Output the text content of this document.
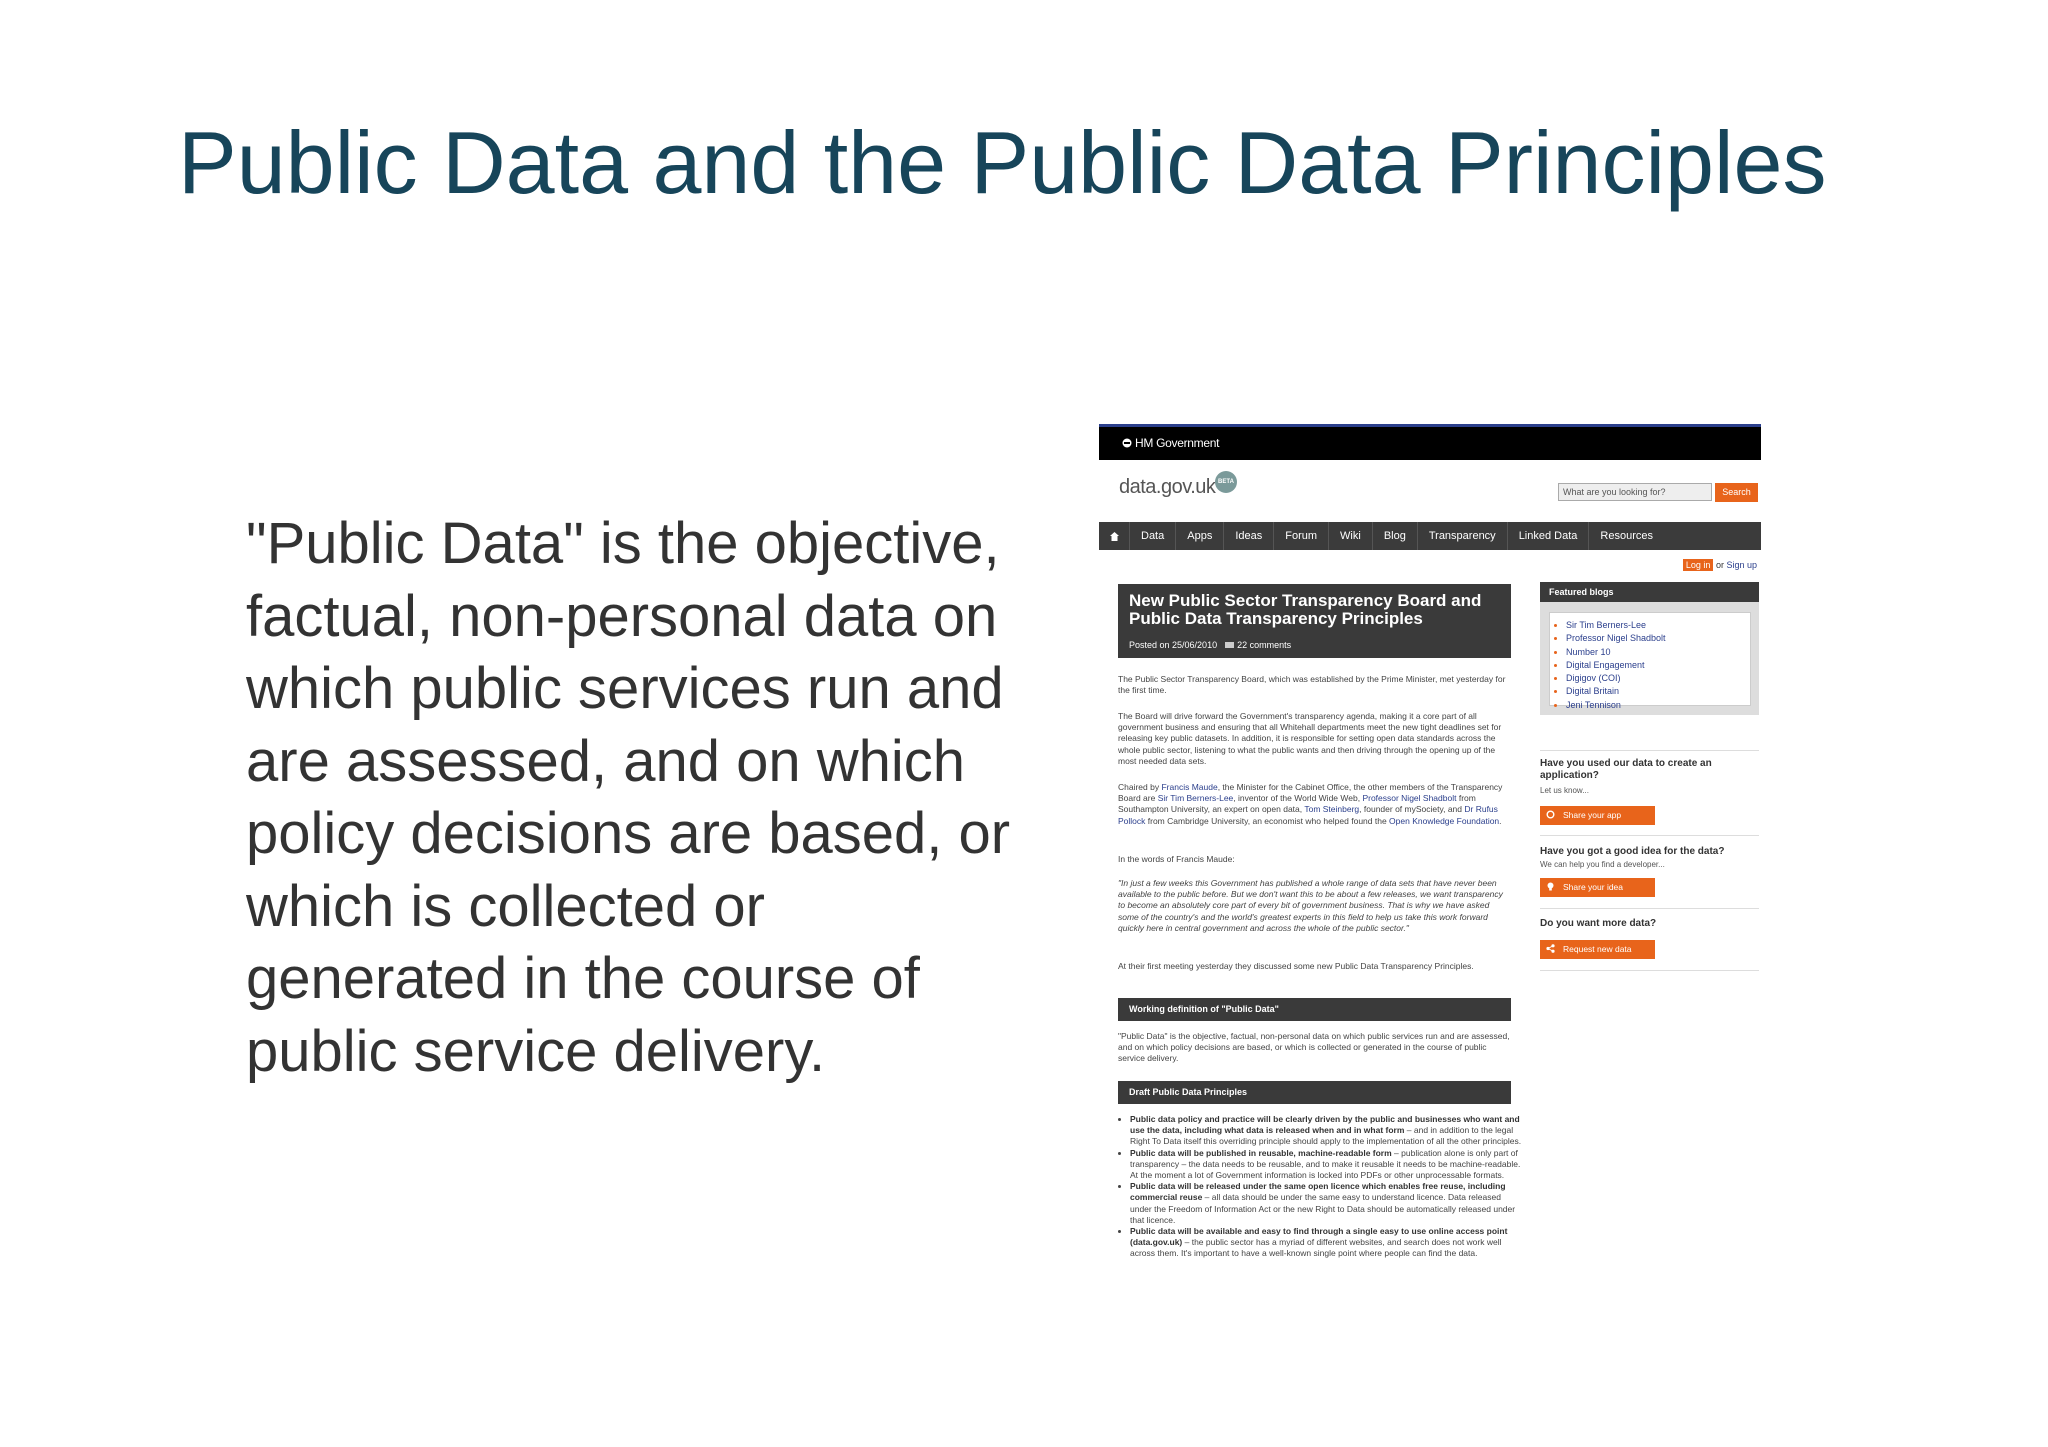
Public Data and the Public Data Principles
"Public Data" is the objective, factual, non-personal data on which public services run and are assessed, and on which policy decisions are based, or which is collected or generated in the course of public service delivery.
HM Government
data.gov.uk BETA
What are you looking for?	Search
Data	Apps	Ideas	Forum	Wiki	Blog	Transparency	Linked Data	Resources
Log in or Sign up
New Public Sector Transparency Board and Public Data Transparency Principles
Posted on 25/06/2010 22 comments
The Public Sector Transparency Board, which was established by the Prime Minister, met yesterday for the first time.
The Board will drive forward the Government's transparency agenda, making it a core part of all government business and ensuring that all Whitehall departments meet the new tight deadlines set for releasing key public datasets. In addition, it is responsible for setting open data standards across the whole public sector, listening to what the public wants and then driving through the opening up of the most needed data sets.
Chaired by Francis Maude, the Minister for the Cabinet Office, the other members of the Transparency Board are Sir Tim Berners-Lee, inventor of the World Wide Web, Professor Nigel Shadbolt from Southampton University, an expert on open data, Tom Steinberg, founder of mySociety, and Dr Rufus Pollock from Cambridge University, an economist who helped found the Open Knowledge Foundation.
In the words of Francis Maude:
"In just a few weeks this Government has published a whole range of data sets that have never been available to the public before. But we don't want this to be about a few releases, we want transparency to become an absolutely core part of every bit of government business. That is why we have asked some of the country's and the world's greatest experts in this field to help us take this work forward quickly here in central government and across the whole of the public sector."
At their first meeting yesterday they discussed some new Public Data Transparency Principles.
Working definition of "Public Data"
"Public Data" is the objective, factual, non-personal data on which public services run and are assessed, and on which policy decisions are based, or which is collected or generated in the course of public service delivery.
Draft Public Data Principles
• Public data policy and practice will be clearly driven by the public and businesses who want and use the data, including what data is released when and in what form – and in addition to the legal Right To Data itself this overriding principle should apply to the implementation of all the other principles.
• Public data will be published in reusable, machine-readable form – publication alone is only part of transparency – the data needs to be reusable, and to make it reusable it needs to be machine-readable. At the moment a lot of Government information is locked into PDFs or other unprocessable formats.
• Public data will be released under the same open licence which enables free reuse, including commercial reuse – all data should be under the same easy to understand licence. Data released under the Freedom of Information Act or the new Right to Data should be automatically released under that licence.
• Public data will be available and easy to find through a single easy to use online access point (data.gov.uk) – the public sector has a myriad of different websites, and search does not work well across them. It's important to have a well-known single point where people can find the data.
Featured blogs
• Sir Tim Berners-Lee
• Professor Nigel Shadbolt
• Number 10
• Digital Engagement
• Digigov (COI)
• Digital Britain
• Jeni Tennison
Have you used our data to create an application?
Let us know...
Share your app
Have you got a good idea for the data?
We can help you find a developer...
Share your idea
Do you want more data?
Request new data
